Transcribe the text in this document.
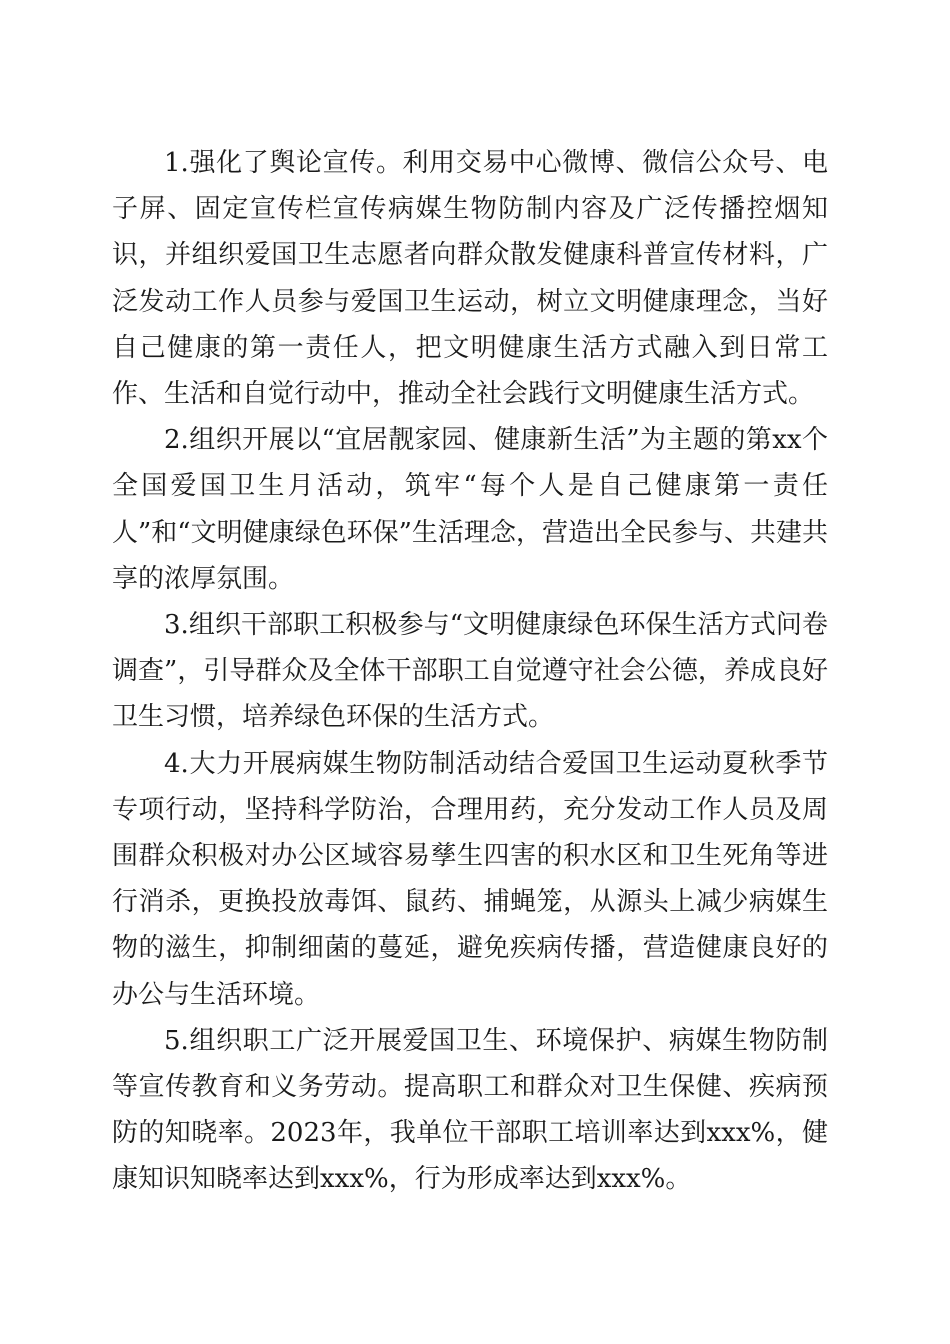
1.强化了舆论宣传。利用交易中心微博、微信公众号、电子屏、固定宣传栏宣传病媒生物防制内容及广泛传播控烟知识，并组织爱国卫生志愿者向群众散发健康科普宣传材料，广泛发动工作人员参与爱国卫生运动，树立文明健康理念，当好自己健康的第一责任人，把文明健康生活方式融入到日常工作、生活和自觉行动中，推动全社会践行文明健康生活方式。

2.组织开展以“宜居靓家园、健康新生活”为主题的第xx个全国爱国卫生月活动，筑牢“每个人是自己健康第一责任人”和“文明健康绿色环保”生活理念，营造出全民参与、共建共享的浓厚氛围。

3.组织干部职工积极参与“文明健康绿色环保生活方式问卷调查”，引导群众及全体干部职工自觉遵守社会公德，养成良好卫生习惯，培养绿色环保的生活方式。

4.大力开展病媒生物防制活动结合爱国卫生运动夏秋季节专项行动，坚持科学防治，合理用药，充分发动工作人员及周围群众积极对办公区域容易孳生四害的积水区和卫生死角等进行消杀，更换投放毒饵、鼠药、捕蝇笼，从源头上减少病媒生物的滋生，抑制细菌的蔓延，避免疾病传播，营造健康良好的办公与生活环境。

5.组织职工广泛开展爱国卫生、环境保护、病媒生物防制等宣传教育和义务劳动。提高职工和群众对卫生保健、疾病预防的知晓率。2023年，我单位干部职工培训率达到xxx%，健康知识知晓率达到xxx%，行为形成率达到xxx%。
